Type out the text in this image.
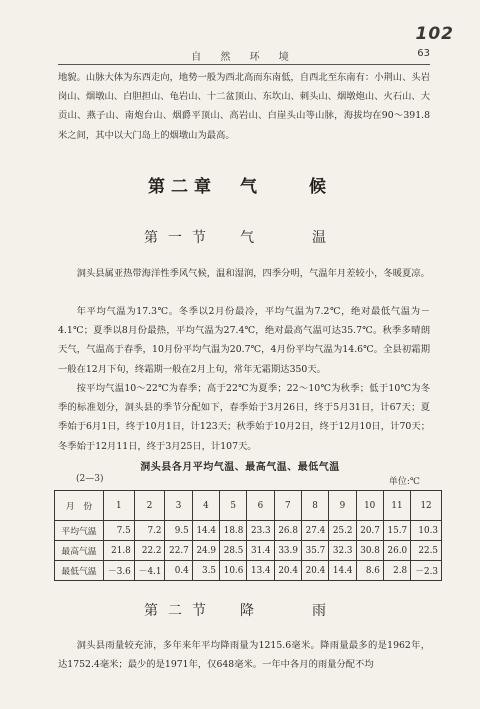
102
自 然 环 境	63

地貌。山脉大体为东西走向，地势一般为西北高而东南低，自西北至东南有：小荆山、头岩岗山、烟墩山、白胆担山、龟岩山、十二盆顶山、东坎山、刺头山、烟墩炮山、火石山、大贡山、燕子山、南炮台山、烟爵平顶山、高岩山、白崖头山等山脉，海拔均在90～391.8米之间，其中以大门岛上的烟墩山为最高。

第二章　气　　候
第一节　气　　温

洞头县属亚热带海洋性季风气候，温和湿润，四季分明，气温年月差较小，冬暖夏凉。

年平均气温为17.3℃。冬季以2月份最冷，平均气温为7.2℃，绝对最低气温为－4.1℃；夏季以8月份最热，平均气温为27.4℃，绝对最高气温可达35.7℃。秋季多晴朗天气，气温高于春季，10月份平均气温为20.7℃，4月份平均气温为14.6℃。全县初霜期一般在12月下旬，终霜期一般在2月上旬，常年无霜期达350天。

按平均气温10～22℃为春季；高于22℃为夏季；22～10℃为秋季；低于10℃为冬季的标准划分，洞头县的季节分配如下，春季始于3月26日，终于5月31日，计67天；夏季始于6月1日，终于10月1日，计123天；秋季始于10月2日，终于12月10日，计70天；冬季始于12月11日，终于3月25日，计107天。

洞头县各月平均气温、最高气温、最低气温
(2—3)	单位:℃
月　份	1	2	3	4	5	6	7	8	9	10	11	12
平均气温	7.5	7.2	9.5	14.4	18.8	23.3	26.8	27.4	25.2	20.7	15.7	10.3
最高气温	21.8	22.2	22.7	24.9	28.5	31.4	33.9	35.7	32.3	30.8	26.0	22.5
最低气温	－3.6	－4.1	0.4	3.5	10.6	13.4	20.4	20.4	14.4	8.6	2.8	－2.3
第二节　降　　雨

洞头县雨量较充沛，多年来年平均降雨量为1215.6毫米。降雨量最多的是1962年，达1752.4毫米；最少的是1971年，仅648毫米。一年中各月的雨量分配不均
